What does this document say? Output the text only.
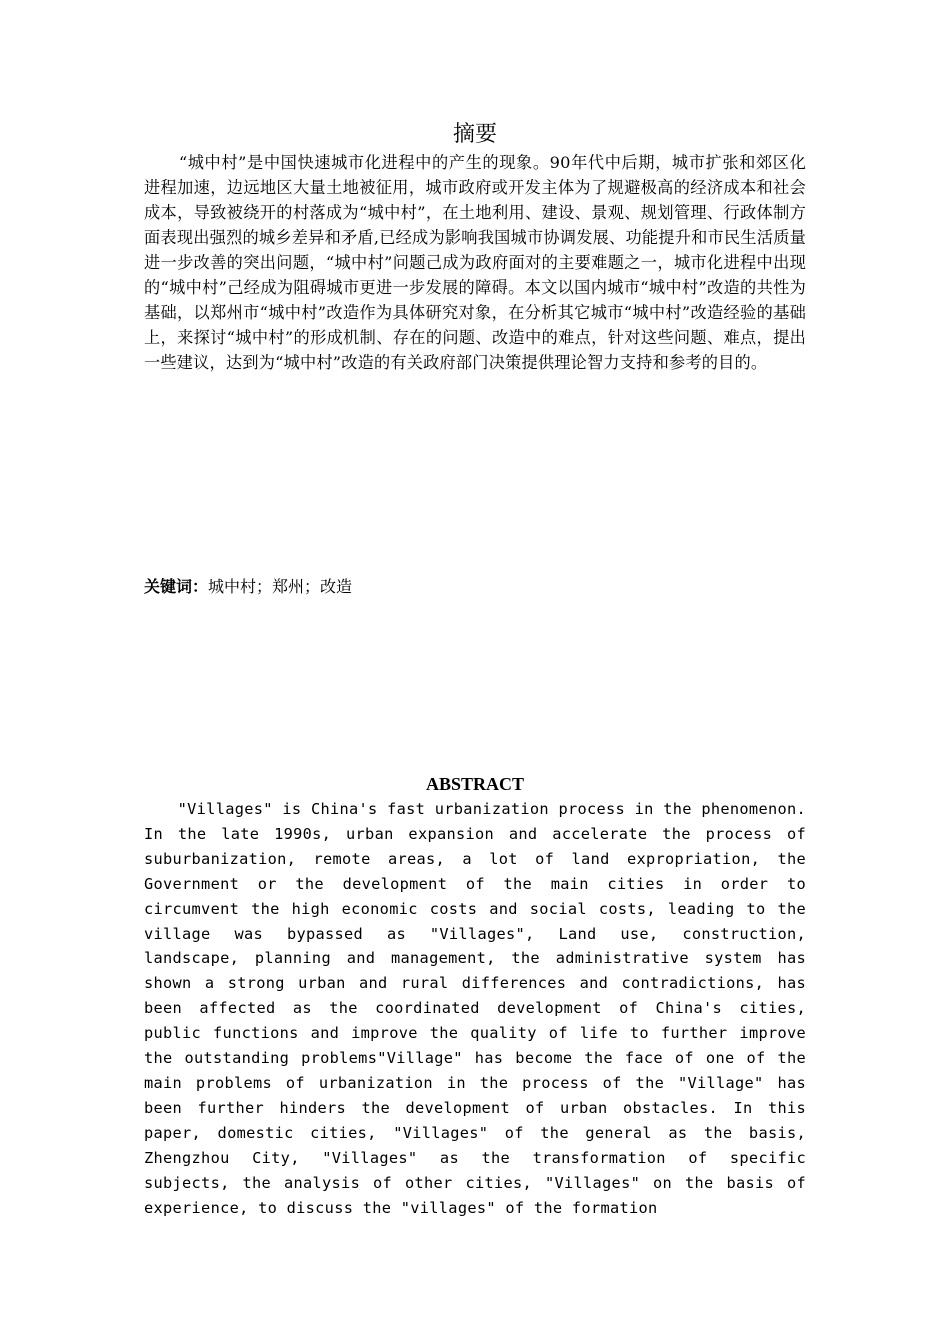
摘要

“城中村”是中国快速城市化进程中的产生的现象。90年代中后期，城市扩张和郊区化进程加速，边远地区大量土地被征用，城市政府或开发主体为了规避极高的经济成本和社会成本，导致被绕开的村落成为“城中村”，在土地利用、建设、景观、规划管理、行政体制方面表现出强烈的城乡差异和矛盾,已经成为影响我国城市协调发展、功能提升和市民生活质量进一步改善的突出问题，“城中村”问题己成为政府面对的主要难题之一，城市化进程中出现的“城中村”己经成为阻碍城市更进一步发展的障碍。本文以国内城市“城中村”改造的共性为基础，以郑州市“城中村”改造作为具体研究对象，在分析其它城市“城中村”改造经验的基础上，来探讨“城中村”的形成机制、存在的问题、改造中的难点，针对这些问题、难点，提出一些建议，达到为“城中村”改造的有关政府部门决策提供理论智力支持和参考的目的。

关键词：城中村；郑州；改造

ABSTRACT

"Villages" is China's fast urbanization process in the phenomenon. In the late 1990s, urban expansion and accelerate the process of suburbanization, remote areas, a lot of land expropriation, the Government or the development of the main cities in order to circumvent the high economic costs and social costs, leading to the village was bypassed as "Villages", Land use, construction, landscape, planning and management, the administrative system has shown a strong urban and rural differences and contradictions, has been affected as the coordinated development of China's cities, public functions and improve the quality of life to further improve the outstanding problems"Village" has become the face of one of the main problems of urbanization in the process of the "Village" has been further hinders the development of urban obstacles. In this paper, domestic cities, "Villages" of the general as the basis, Zhengzhou City, "Villages" as the transformation of specific subjects, the analysis of other cities, "Villages" on the basis of experience, to discuss the "villages" of the formation
